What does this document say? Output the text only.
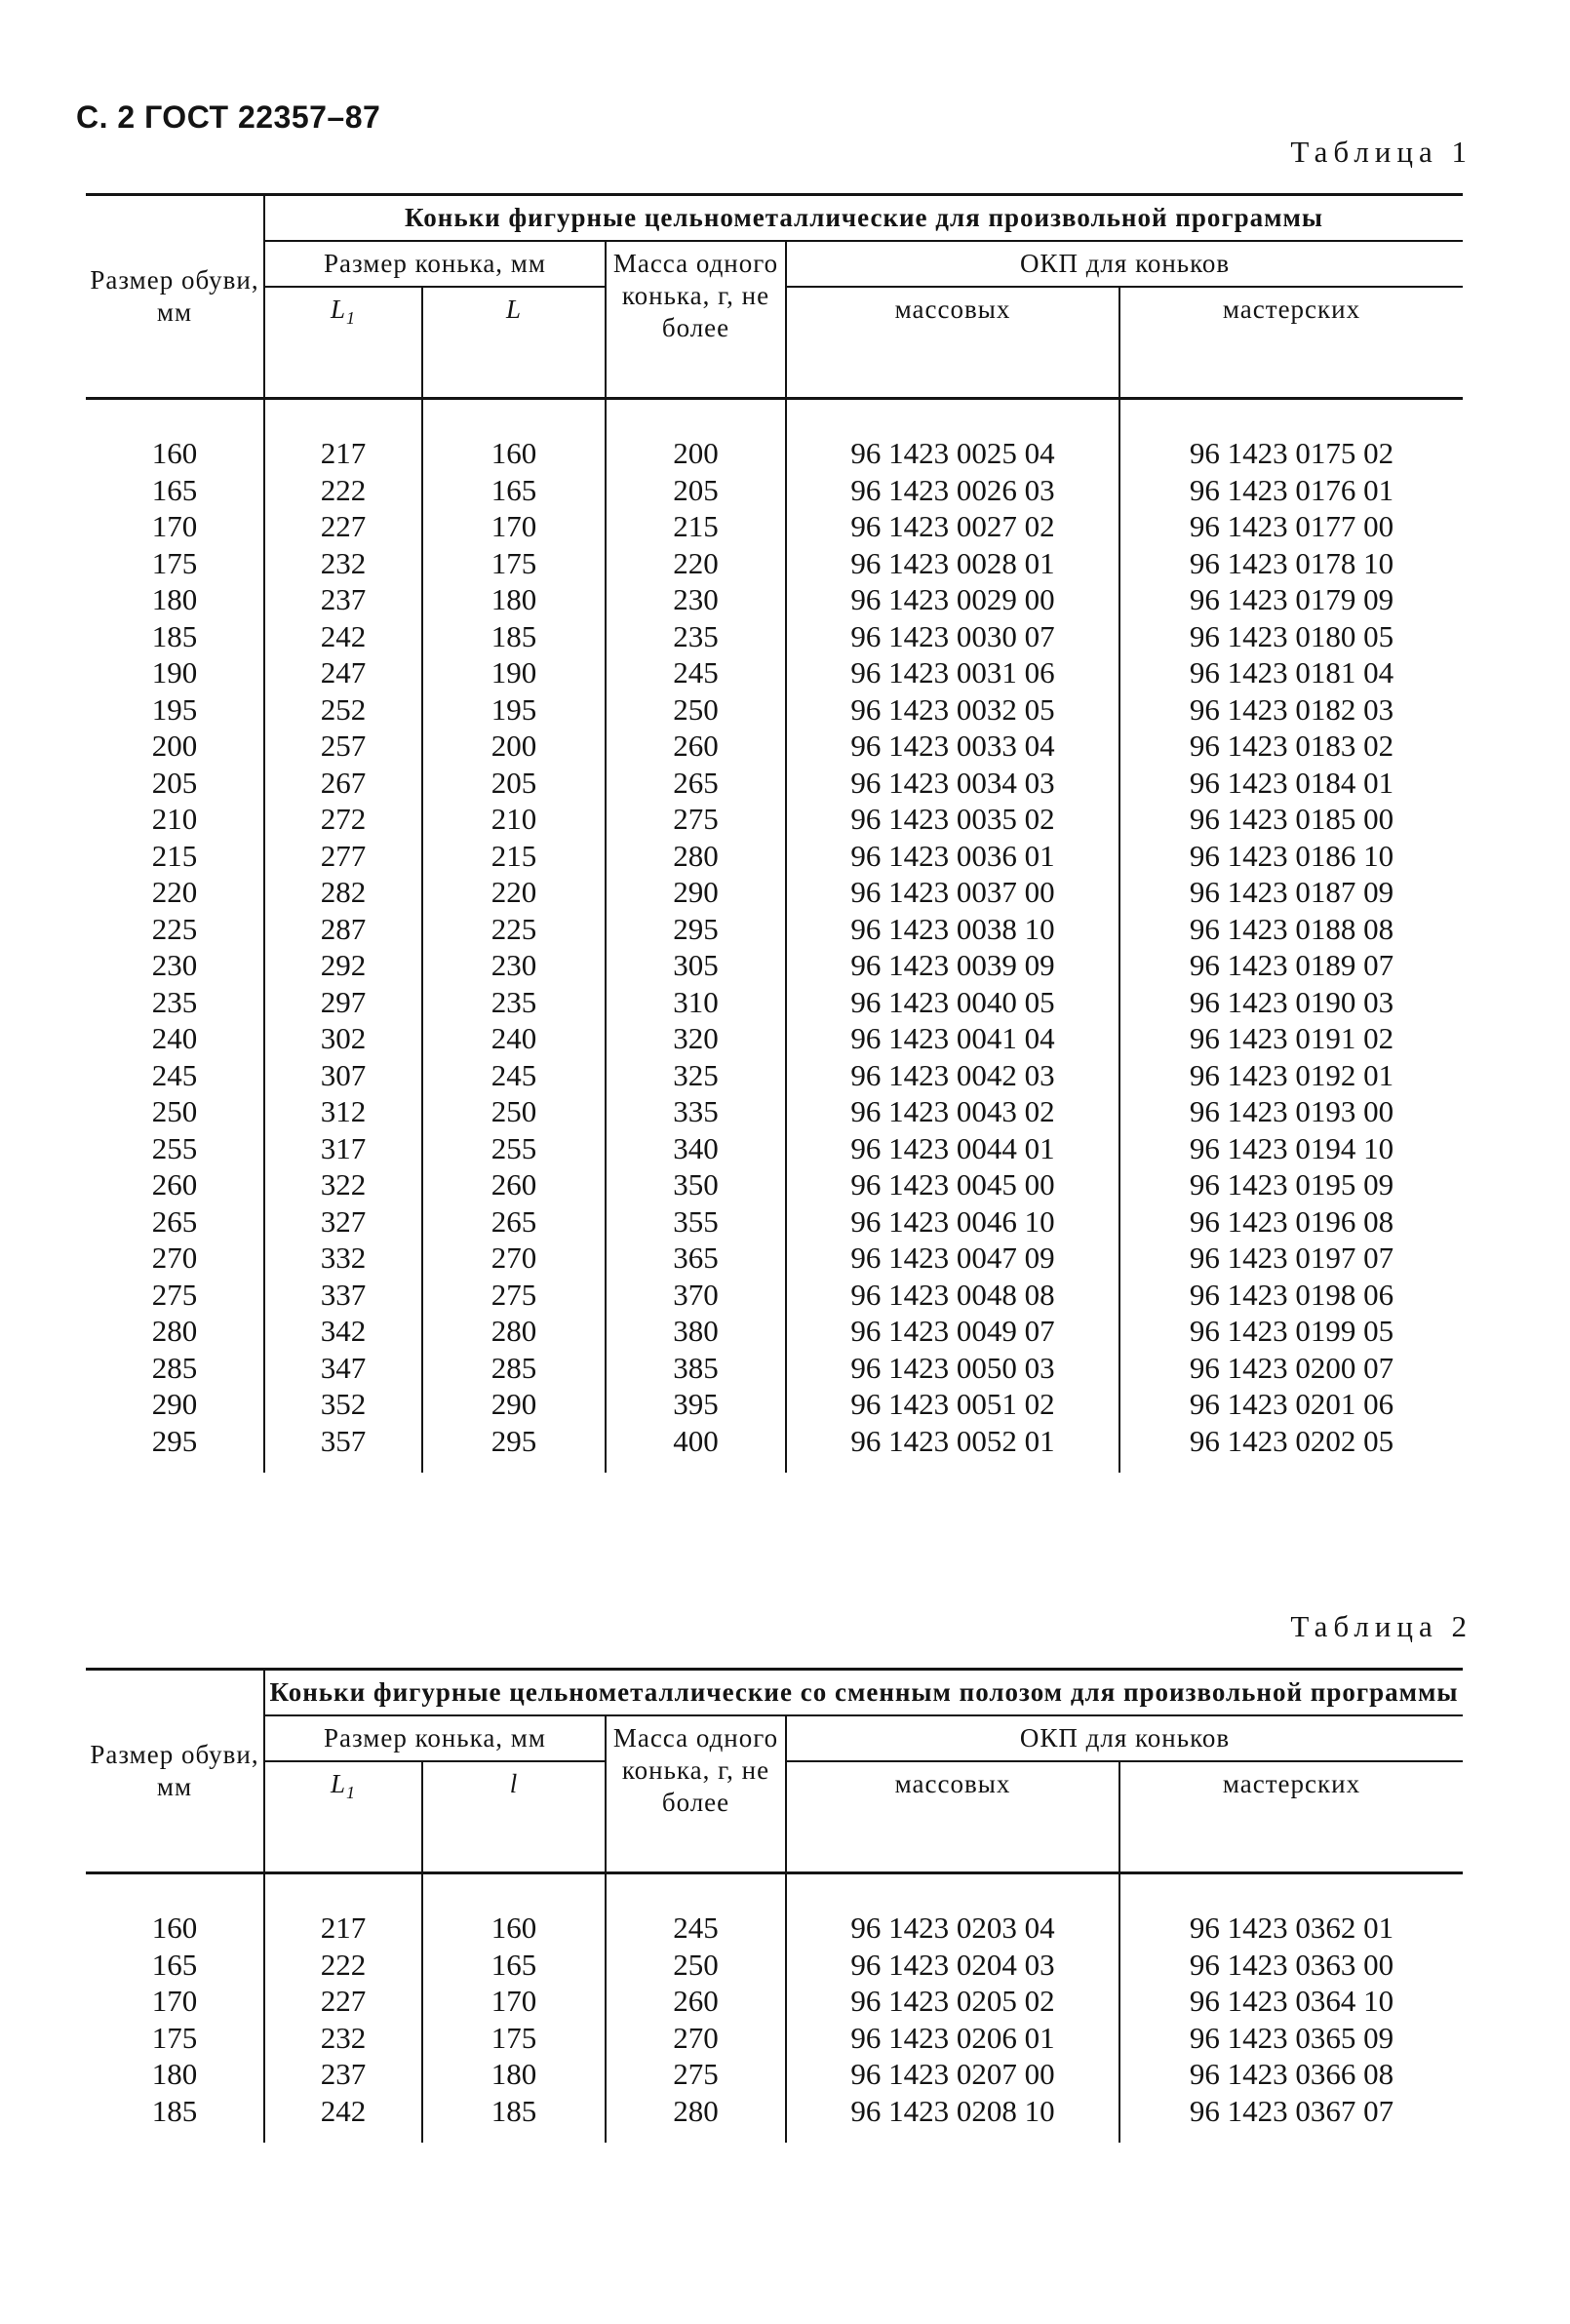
С. 2 ГОСТ 22357–87
Таблица 1
Размер обуви, мм	Коньки фигурные цельнометаллические для произвольной программы				
	Размер конька, мм		Масса одного конька, г, не более	ОКП для коньков	
	$L_1$	L		массовых	мастерских

160	217	160	200	96 1423 0025 04	96 1423 0175 02
165	222	165	205	96 1423 0026 03	96 1423 0176 01
170	227	170	215	96 1423 0027 02	96 1423 0177 00
175	232	175	220	96 1423 0028 01	96 1423 0178 10
180	237	180	230	96 1423 0029 00	96 1423 0179 09
185	242	185	235	96 1423 0030 07	96 1423 0180 05
190	247	190	245	96 1423 0031 06	96 1423 0181 04
195	252	195	250	96 1423 0032 05	96 1423 0182 03
200	257	200	260	96 1423 0033 04	96 1423 0183 02
205	267	205	265	96 1423 0034 03	96 1423 0184 01
210	272	210	275	96 1423 0035 02	96 1423 0185 00
215	277	215	280	96 1423 0036 01	96 1423 0186 10
220	282	220	290	96 1423 0037 00	96 1423 0187 09
225	287	225	295	96 1423 0038 10	96 1423 0188 08
230	292	230	305	96 1423 0039 09	96 1423 0189 07
235	297	235	310	96 1423 0040 05	96 1423 0190 03
240	302	240	320	96 1423 0041 04	96 1423 0191 02
245	307	245	325	96 1423 0042 03	96 1423 0192 01
250	312	250	335	96 1423 0043 02	96 1423 0193 00
255	317	255	340	96 1423 0044 01	96 1423 0194 10
260	322	260	350	96 1423 0045 00	96 1423 0195 09
265	327	265	355	96 1423 0046 10	96 1423 0196 08
270	332	270	365	96 1423 0047 09	96 1423 0197 07
275	337	275	370	96 1423 0048 08	96 1423 0198 06
280	342	280	380	96 1423 0049 07	96 1423 0199 05
285	347	285	385	96 1423 0050 03	96 1423 0200 07
290	352	290	395	96 1423 0051 02	96 1423 0201 06
295	357	295	400	96 1423 0052 01	96 1423 0202 05

Таблица 2
Размер обуви, мм	Коньки фигурные цельнометаллические со сменным полозом для произвольной программы				
	Размер конька, мм		Масса одного конька, г, не более	ОКП для коньков	
	$L_1$	l		массовых	мастерских

160	217	160	245	96 1423 0203 04	96 1423 0362 01
165	222	165	250	96 1423 0204 03	96 1423 0363 00
170	227	170	260	96 1423 0205 02	96 1423 0364 10
175	232	175	270	96 1423 0206 01	96 1423 0365 09
180	237	180	275	96 1423 0207 00	96 1423 0366 08
185	242	185	280	96 1423 0208 10	96 1423 0367 07
